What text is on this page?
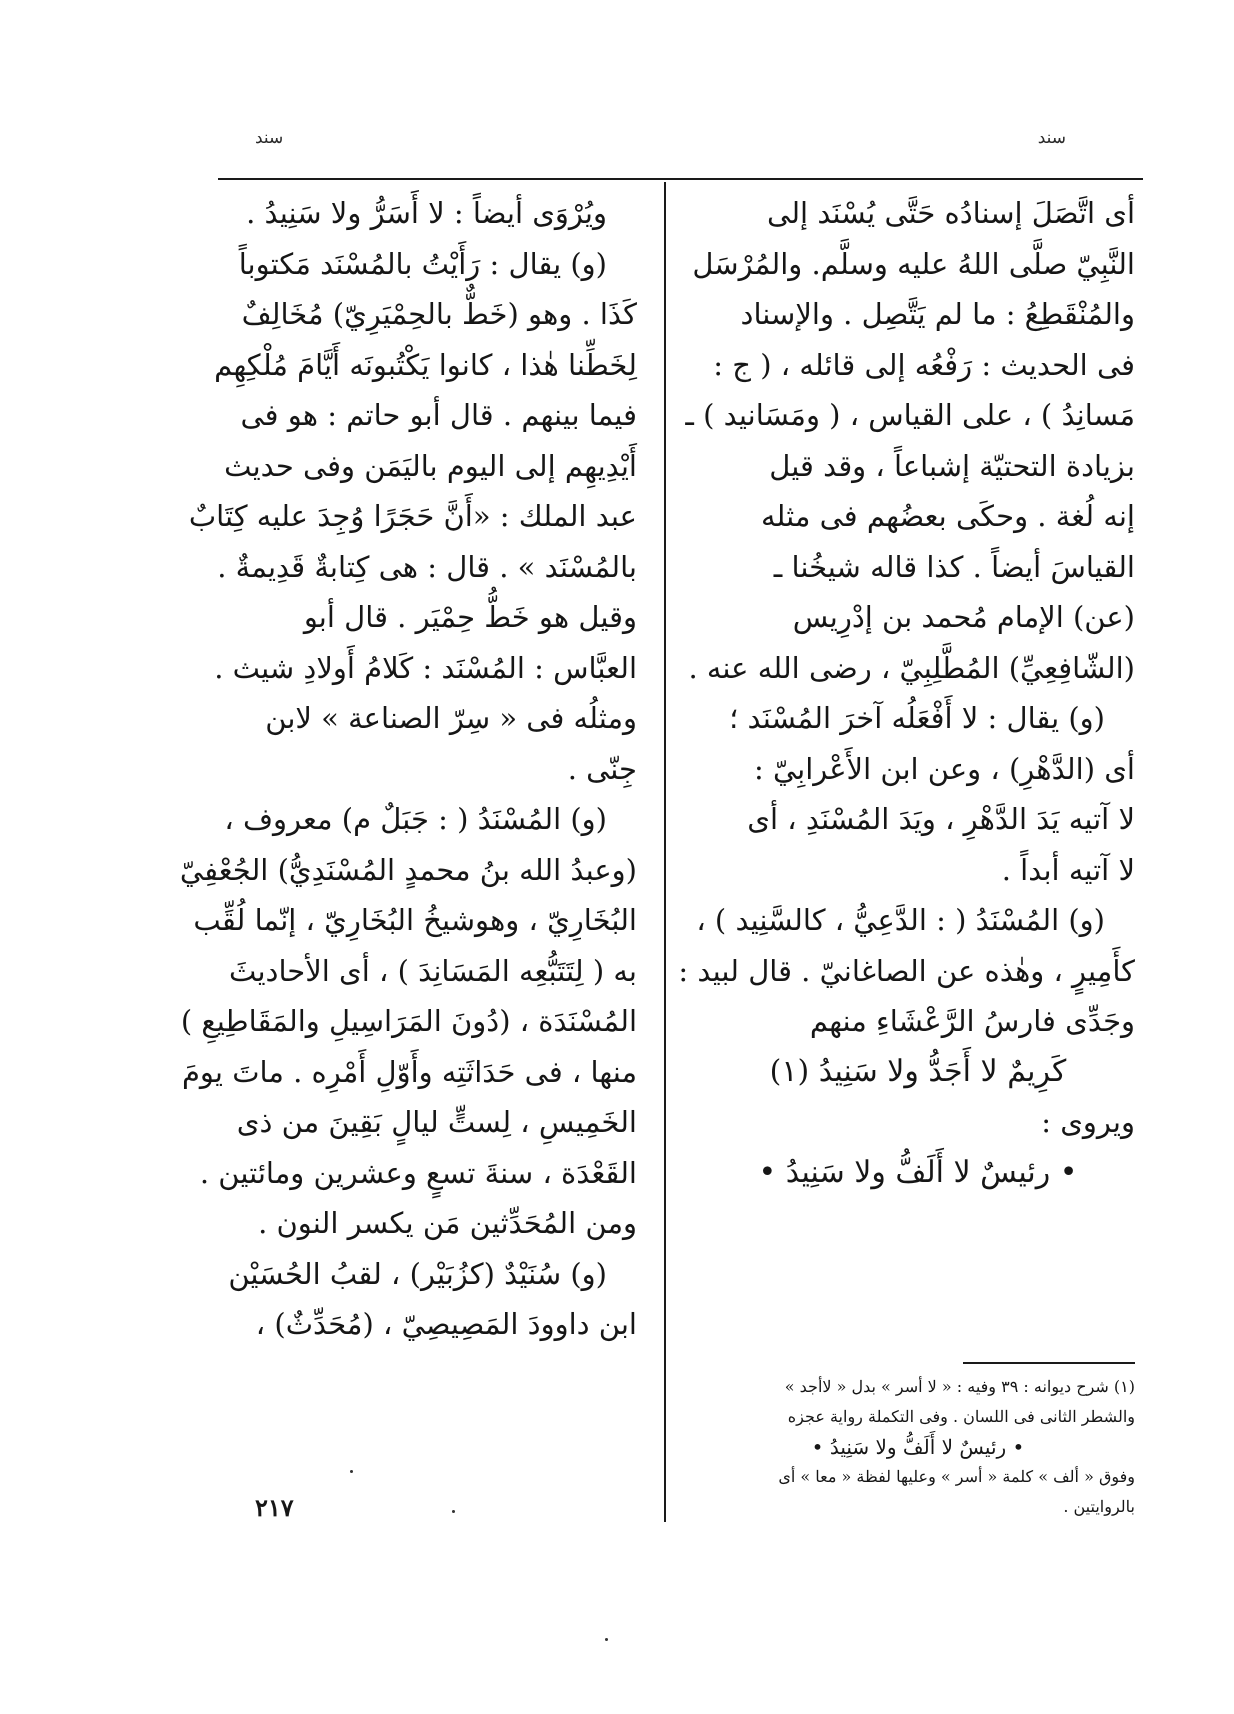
سند
سند
أى اتَّصَلَ إسنادُه حَتَّى يُسْنَد إلى
النَّبِيّ صلَّى اللهُ عليه وسلَّم. والمُرْسَل
والمُنْقَطِعُ : ما لم يَتَّصِل . والإسناد
فى الحديث : رَفْعُه إلى قائله ، ( ج :
مَسانِدُ ) ، على القياس ، ( ومَسَانيد ) ـ
بزيادة التحتيّة إشباعاً ، وقد قيل
إنه لُغة . وحكَى بعضُهم فى مثله
القياسَ أيضاً . كذا قاله شيخُنا ـ
(عن) الإمام مُحمد بن إدْرِيس
(الشّافِعِيِّ) المُطَّلِبِيّ ، رضى الله عنه .
(و) يقال : لا أَفْعَلُه آخرَ المُسْنَد ؛
أى (الدَّهْرِ) ، وعن ابن الأَعْرابِيّ :
لا آتيه يَدَ الدَّهْرِ ، ويَدَ المُسْنَدِ ، أى
لا آتيه أبداً .
(و) المُسْنَدُ ( : الدَّعِيُّ ، كالسَّنِيد ) ،
كأَمِيرٍ ، وهٰذه عن الصاغانيّ . قال لبيد :
وجَدِّى فارسُ الرَّعْشَاءِ منهم
كَرِيمٌ لا أَجَدُّ ولا سَنِيدُ (١)
ويروى :
• رئيسٌ لا أَلَفُّ ولا سَنِيدُ •
ويُرْوَى أيضاً : لا أَسَرُّ ولا سَنِيدُ .
(و) يقال : رَأَيْتُ بالمُسْنَد مَكتوباً
كَذَا . وهو (خَطٌّ بالحِمْيَرِيّ) مُخَالِفٌ
لِخَطِّنا هٰذا ، كانوا يَكْتُبونَه أَيَّامَ مُلْكِهِم
فيما بينهم . قال أبو حاتم : هو فى
أَيْدِيهِم إلى اليوم باليَمَن وفى حديث
عبد الملك : «أَنَّ حَجَرًا وُجِدَ عليه كِتَابٌ
بالمُسْنَد » . قال : هى كِتابةٌ قَدِيمةٌ .
وقيل هو خَطُّ حِمْيَر . قال أبو
العبَّاس : المُسْنَد : كَلامُ أَولادِ شيث .
ومثلُه فى « سِرّ الصناعة » لابن
جِنّى .
(و) المُسْنَدُ ( : جَبَلٌ م) معروف ،
(وعبدُ الله بنُ محمدٍ المُسْنَدِيُّ) الجُعْفِيّ
البُخَارِيّ ، وهوشيخُ البُخَارِيّ ، إنّما لُقِّب
به ( لِتَتَبُّعِه المَسَانِدَ ) ، أى الأحاديثَ
المُسْنَدَة ، (دُونَ المَرَاسِيلِ والمَقَاطِيعِ )
منها ، فى حَدَاثَتِه وأَوّلِ أَمْرِه . ماتَ يومَ
الخَمِيسِ ، لِستٍّ ليالٍ بَقِينَ من ذى
القَعْدَة ، سنةَ تسعٍ وعشرين ومائتين .
ومن المُحَدِّثين مَن يكسر النون .
(و) سُنَيْدٌ (كزُبَيْر) ، لقبُ الحُسَيْن
ابن داوودَ المَصِيصِيّ ، (مُحَدِّثٌ) ،
(١) شرح ديوانه : ٣٩ وفيه : « لا أسر » بدل « لاأجد »
والشطر الثانى فى اللسان . وفى التكملة رواية عجزه
• رئيسٌ لا أَلَفُّ ولا سَنِيدُ •
وفوق « ألف » كلمة « أسر » وعليها لفظة « معا » أى
بالروايتين .
٢١٧
